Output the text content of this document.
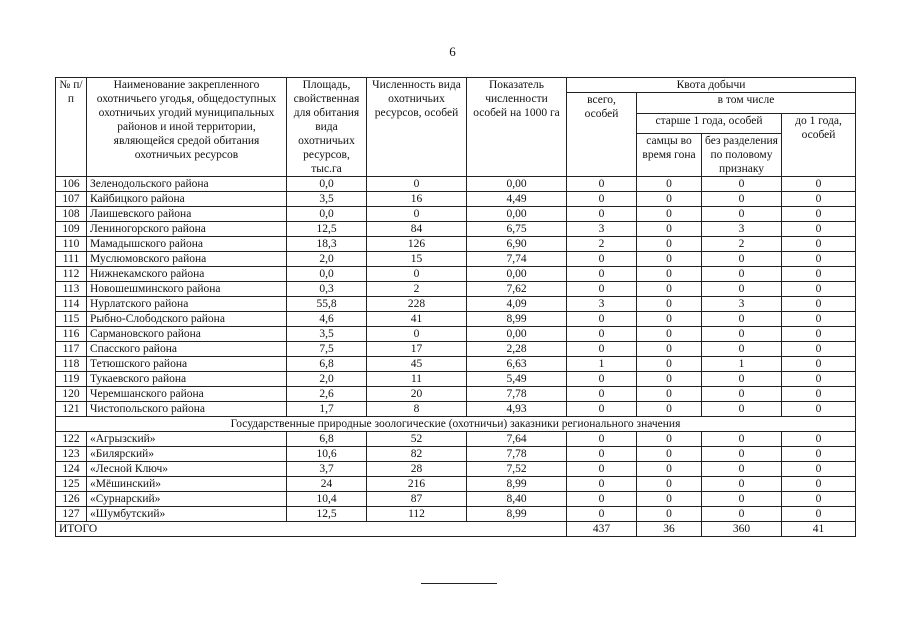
6
№ п/п	Наименование закрепленного охотничьего угодья, общедоступных охотничьих угодий муниципальных районов и иной территории, являющейся средой обитания охотничьих ресурсов	Площадь, свойственная для обитания вида охотничьих ресурсов, тыс.га	Численность вида охотничьих ресурсов, особей	Показатель численности особей на 1000 га	Квота добычи			
					всего, особей	в том числе		
						старше 1 года, особей		до 1 года, особей
						самцы во время гона	без разделения по половому признаку	
106	Зеленодольского района	0,0	0	0,00	0	0	0	0
107	Кайбицкого района	3,5	16	4,49	0	0	0	0
108	Лаишевского района	0,0	0	0,00	0	0	0	0
109	Лениногорского района	12,5	84	6,75	3	0	3	0
110	Мамадышского района	18,3	126	6,90	2	0	2	0
111	Муслюмовского района	2,0	15	7,74	0	0	0	0
112	Нижнекамского района	0,0	0	0,00	0	0	0	0
113	Новошешминского района	0,3	2	7,62	0	0	0	0
114	Нурлатского района	55,8	228	4,09	3	0	3	0
115	Рыбно-Слободского района	4,6	41	8,99	0	0	0	0
116	Сармановского района	3,5	0	0,00	0	0	0	0
117	Спасского района	7,5	17	2,28	0	0	0	0
118	Тетюшского района	6,8	45	6,63	1	0	1	0
119	Тукаевского района	2,0	11	5,49	0	0	0	0
120	Черемшанского района	2,6	20	7,78	0	0	0	0
121	Чистопольского района	1,7	8	4,93	0	0	0	0
Государственные природные зоологические (охотничьи) заказники регионального значения								
122	«Агрызский»	6,8	52	7,64	0	0	0	0
123	«Билярский»	10,6	82	7,78	0	0	0	0
124	«Лесной Ключ»	3,7	28	7,52	0	0	0	0
125	«Мёшинский»	24	216	8,99	0	0	0	0
126	«Сурнарский»	10,4	87	8,40	0	0	0	0
127	«Шумбутский»	12,5	112	8,99	0	0	0	0
ИТОГО					437	36	360	41
